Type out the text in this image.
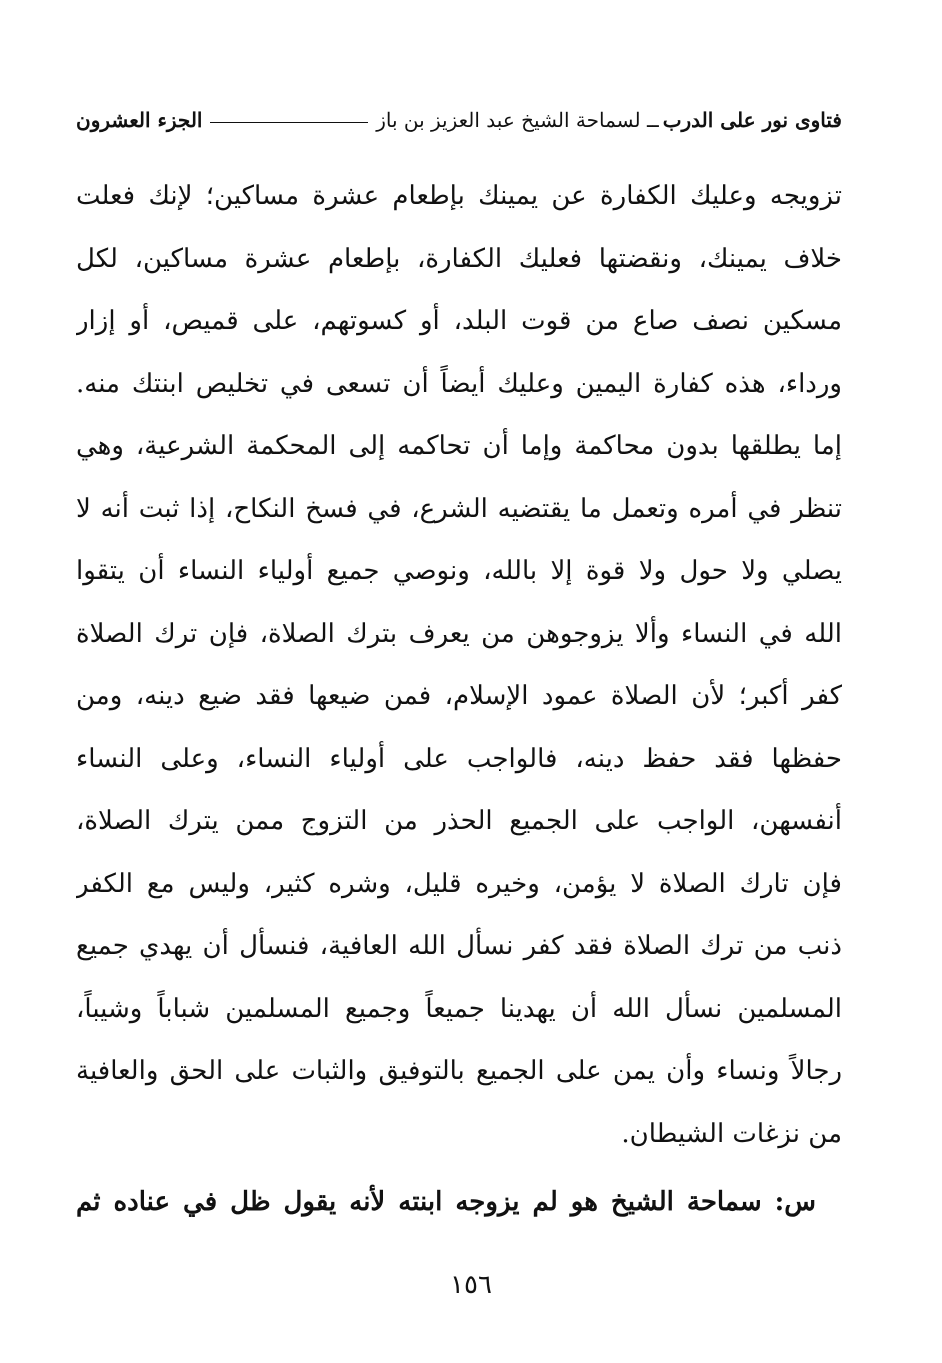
فتاوى نور على الدرب
ــ لسماحة الشيخ عبد العزيز بن باز
الجزء العشرون
تزويجه وعليك الكفارة عن يمينك بإطعام عشرة مساكين؛ لإنك فعلت
خلاف يمينك، ونقضتها فعليك الكفارة، بإطعام عشرة مساكين، لكل
مسكين نصف صاع من قوت البلد، أو كسوتهم، على قميص، أو إزار
ورداء، هذه كفارة اليمين وعليك أيضاً أن تسعى في تخليص ابنتك منه.
إما يطلقها بدون محاكمة وإما أن تحاكمه إلى المحكمة الشرعية، وهي
تنظر في أمره وتعمل ما يقتضيه الشرع، في فسخ النكاح، إذا ثبت أنه لا
يصلي ولا حول ولا قوة إلا بالله، ونوصي جميع أولياء النساء أن يتقوا
الله في النساء وألا يزوجوهن من يعرف بترك الصلاة، فإن ترك الصلاة
كفر أكبر؛ لأن الصلاة عمود الإسلام، فمن ضيعها فقد ضيع دينه، ومن
حفظها فقد حفظ دينه، فالواجب على أولياء النساء، وعلى النساء
أنفسهن، الواجب على الجميع الحذر من التزوج ممن يترك الصلاة،
فإن تارك الصلاة لا يؤمن، وخيره قليل، وشره كثير، وليس مع الكفر
ذنب من ترك الصلاة فقد كفر نسأل الله العافية، فنسأل أن يهدي جميع
المسلمين نسأل الله أن يهدينا جميعاً وجميع المسلمين شباباً وشيباً،
رجالاً ونساء وأن يمن على الجميع بالتوفيق والثبات على الحق والعافية
من نزغات الشيطان.
س: سماحة الشيخ هو لم يزوجه ابنته لأنه يقول ظل في عناده ثم
١٥٦
